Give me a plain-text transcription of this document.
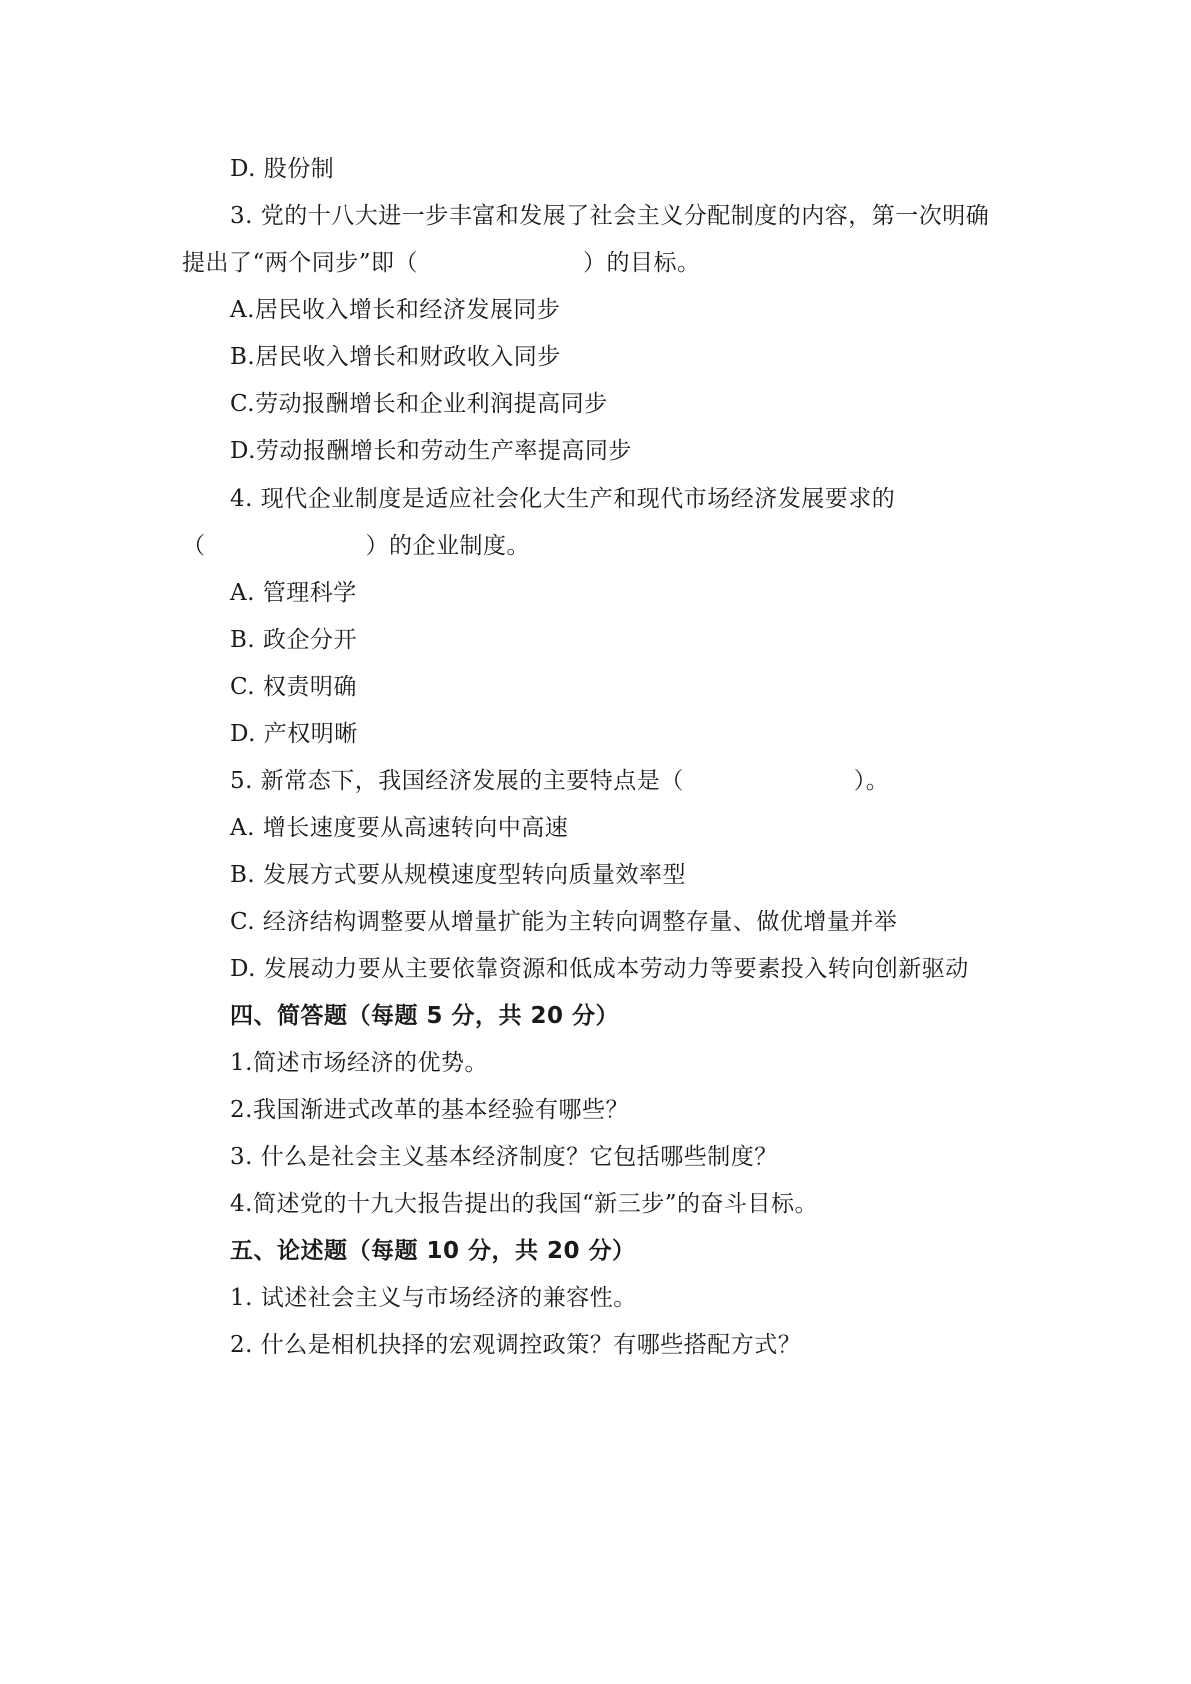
D. 股份制
3. 党的十八大进一步丰富和发展了社会主义分配制度的内容，第一次明确
提出了“两个同步”即（	）的目标。
A.居民收入增长和经济发展同步
B.居民收入增长和财政收入同步
C.劳动报酬增长和企业利润提高同步
D.劳动报酬增长和劳动生产率提高同步
4. 现代企业制度是适应社会化大生产和现代市场经济发展要求的
（	）的企业制度。
A. 管理科学
B. 政企分开
C. 权责明确
D. 产权明晰
5. 新常态下，我国经济发展的主要特点是（	）。
A. 增长速度要从高速转向中高速
B. 发展方式要从规模速度型转向质量效率型
C. 经济结构调整要从增量扩能为主转向调整存量、做优增量并举
D. 发展动力要从主要依靠资源和低成本劳动力等要素投入转向创新驱动
四、简答题（每题 5 分，共 20 分）
1.简述市场经济的优势。
2.我国渐进式改革的基本经验有哪些？
3. 什么是社会主义基本经济制度？它包括哪些制度？
4.简述党的十九大报告提出的我国“新三步”的奋斗目标。
五、论述题（每题 10 分，共 20 分）
1. 试述社会主义与市场经济的兼容性。
2. 什么是相机抉择的宏观调控政策？有哪些搭配方式？
